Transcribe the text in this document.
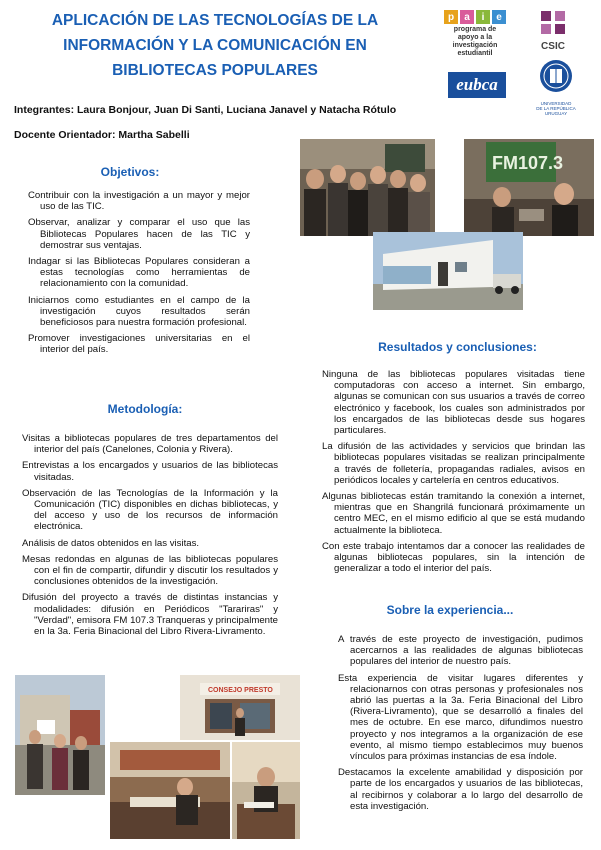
APLICACIÓN DE LAS TECNOLOGÍAS DE LA
INFORMACIÓN Y LA COMUNICACIÓN EN
BIBLIOTECAS POPULARES
p	a	i	e
programa de
apoyo a la
investigación
estudiantil
eubca
CSIC
UNIVERSIDAD
DE LA REPÚBLICA
URUGUAY
Integrantes: Laura Bonjour, Juan Di Santi, Luciana Janavel y Natacha Rótulo
Docente Orientador: Martha Sabelli
Objetivos:

Contribuir con la investigación a un mayor y mejor uso de las TIC.

Observar, analizar y comparar el uso que las Bibliotecas Populares hacen de las TIC y demostrar sus ventajas.

Indagar si las Bibliotecas Populares consideran a estas tecnologías como herramientas de relacionamiento con la comunidad.

Iniciarnos como estudiantes en el campo de la investigación cuyos resultados serán beneficiosos para nuestra formación profesional.

Promover investigaciones universitarias en el interior del país.

Metodología:

Visitas a bibliotecas populares de tres departamentos del interior del país (Canelones, Colonia y Rivera).

Entrevistas a los encargados y usuarios de las bibliotecas visitadas.

Observación de las Tecnologías de la Información y la Comunicación (TIC) disponibles en dichas bibliotecas, y del acceso y uso de los recursos de información electrónica.

Análisis de datos obtenidos en las visitas.

Mesas redondas en algunas de las bibliotecas populares con el fin de compartir, difundir y discutir los resultados y conclusiones obtenidos de la investigación.

Difusión del proyecto a través de distintas instancias y modalidades: difusión en Periódicos "Tarariras" y "Verdad", emisora FM 107.3 Tranqueras y principalmente en la 3a. Feria Binacional del Libro Rivera-Livramento.

FM107.3
CONSEJO PRESTO
Resultados y conclusiones:

Ninguna de las bibliotecas populares visitadas tiene computadoras con acceso a internet. Sin embargo, algunas se comunican con sus usuarios a través de correo electrónico y facebook, los cuales son administrados por los encargados de las bibliotecas desde sus hogares particulares.

La difusión de las actividades y servicios que brindan las bibliotecas populares visitadas se realizan principalmente a través de folletería, propagandas radiales, avisos en periódicos locales y cartelería en centros educativos.

Algunas bibliotecas están tramitando la conexión a internet, mientras que en Shangrilá funcionará próximamente un centro MEC, en el mismo edificio al que se está mudando actualmente la biblioteca.

Con este trabajo intentamos dar a conocer las realidades de algunas bibliotecas populares, sin la intención de generalizar a todo el interior del país.

Sobre la experiencia...

A través de este proyecto de investigación, pudimos acercarnos a las realidades de algunas bibliotecas populares del interior de nuestro país.

Esta experiencia de visitar lugares diferentes y relacionarnos con otras personas y profesionales nos abrió las puertas a la 3a. Feria Binacional del Libro (Rivera-Livramento), que se desarrolló a finales del mes de octubre. En ese marco, difundimos nuestro proyecto y nos integramos a la organización de ese evento, al mismo tiempo establecimos muy buenos vínculos para próximas instancias de esa índole.

Destacamos la excelente amabilidad y disposición por parte de los encargados y usuarios de las bibliotecas, al recibirnos y colaborar a lo largo del desarrollo de esta investigación.
